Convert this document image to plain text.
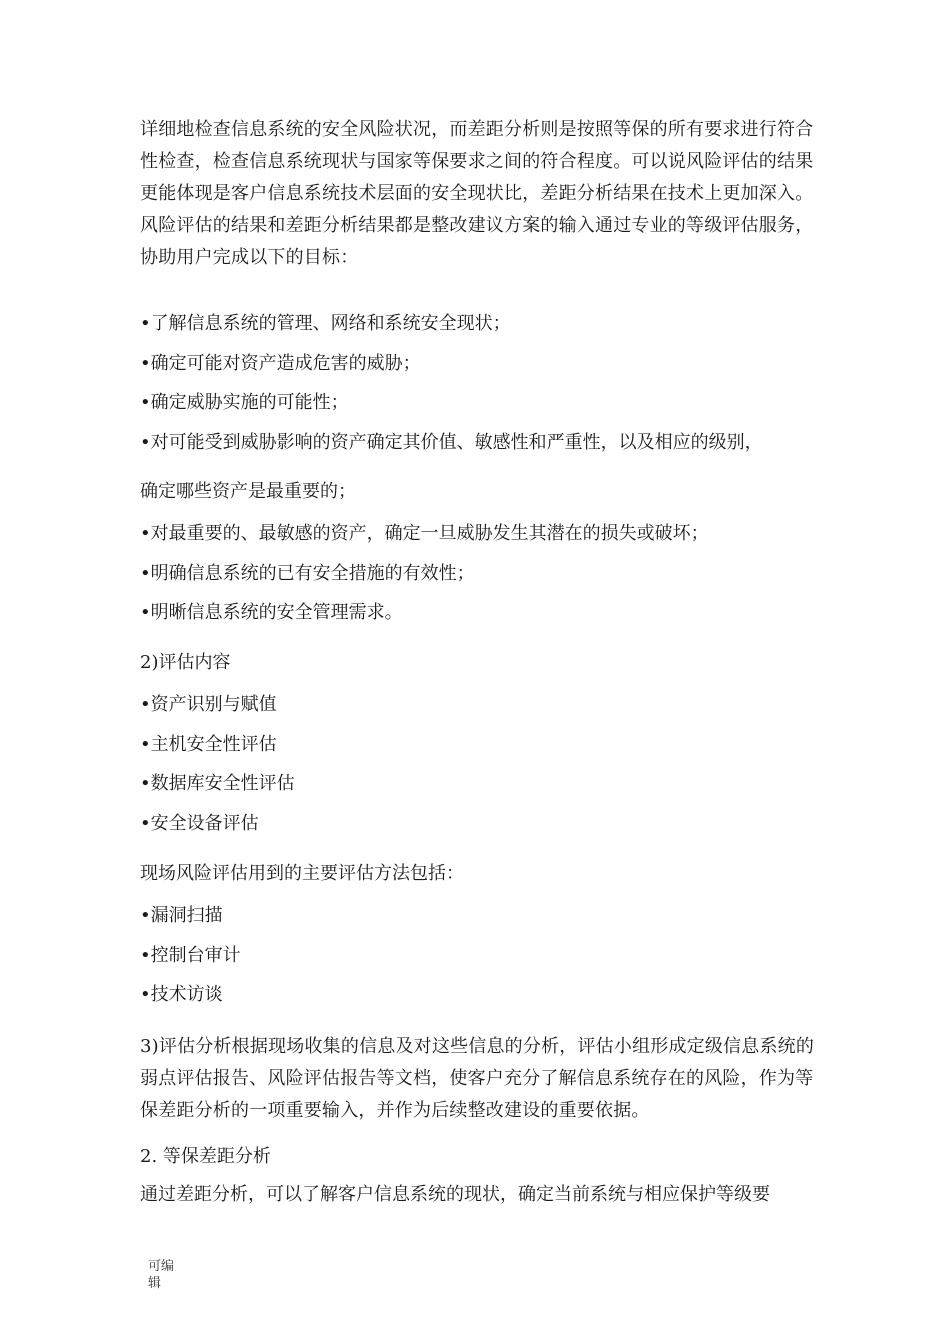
详细地检查信息系统的安全风险状况，而差距分析则是按照等保的所有要求进行符合性检查，检查信息系统现状与国家等保要求之间的符合程度。可以说风险评估的结果更能体现是客户信息系统技术层面的安全现状比，差距分析结果在技术上更加深入。风险评估的结果和差距分析结果都是整改建议方案的输入通过专业的等级评估服务，协助用户完成以下的目标：
•了解信息系统的管理、网络和系统安全现状；
•确定可能对资产造成危害的威胁；
•确定威胁实施的可能性；
•对可能受到威胁影响的资产确定其价值、敏感性和严重性，以及相应的级别，
确定哪些资产是最重要的；
•对最重要的、最敏感的资产，确定一旦威胁发生其潜在的损失或破坏；
•明确信息系统的已有安全措施的有效性；
•明晰信息系统的安全管理需求。
2)评估内容
•资产识别与赋值
•主机安全性评估
•数据库安全性评估
•安全设备评估
现场风险评估用到的主要评估方法包括：
•漏洞扫描
•控制台审计
•技术访谈
3)评估分析根据现场收集的信息及对这些信息的分析，评估小组形成定级信息系统的弱点评估报告、风险评估报告等文档，使客户充分了解信息系统存在的风险，作为等保差距分析的一项重要输入，并作为后续整改建设的重要依据。
2. 等保差距分析
通过差距分析，可以了解客户信息系统的现状，确定当前系统与相应保护等级要
可编
辑
